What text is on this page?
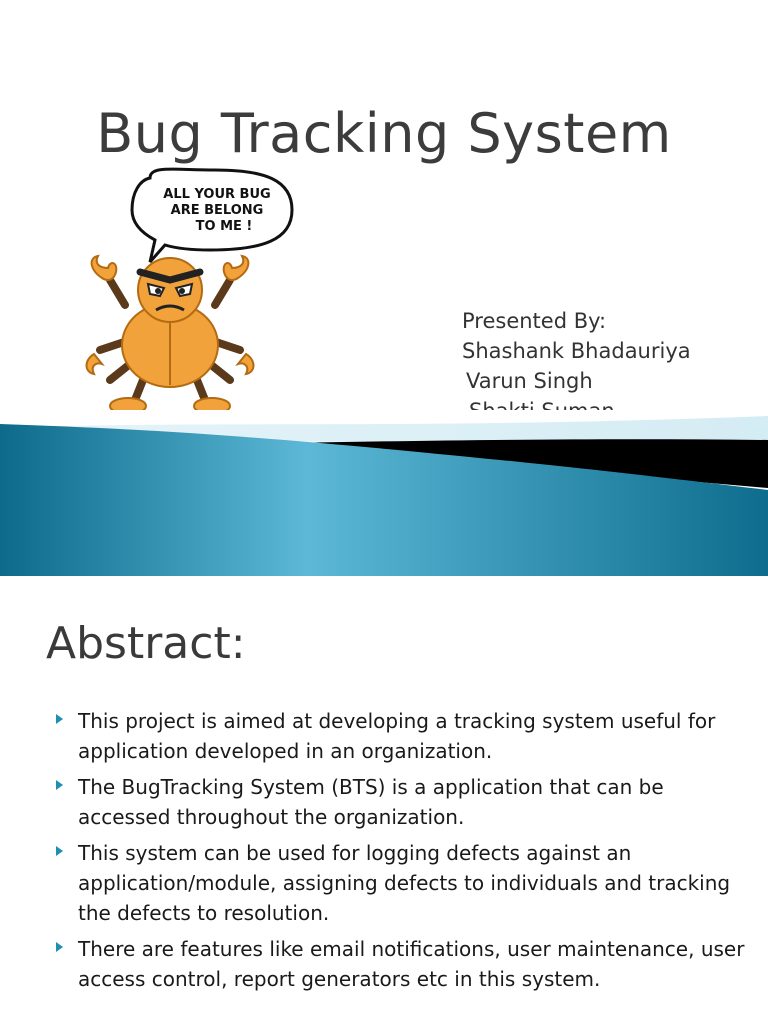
Bug Tracking System
ALL YOUR BUG
ARE BELONG
TO ME !
Presented By:
Shashank Bhadauriya
Varun Singh
Abstract:
This project is aimed at developing a tracking system useful for application developed in an organization.
The BugTracking System (BTS) is a application that can be accessed throughout the organization.
This system can be used for logging defects against an application/module, assigning defects to individuals and tracking the defects to resolution.
There are features like email notifications, user maintenance, user access control, report generators etc in this system.
